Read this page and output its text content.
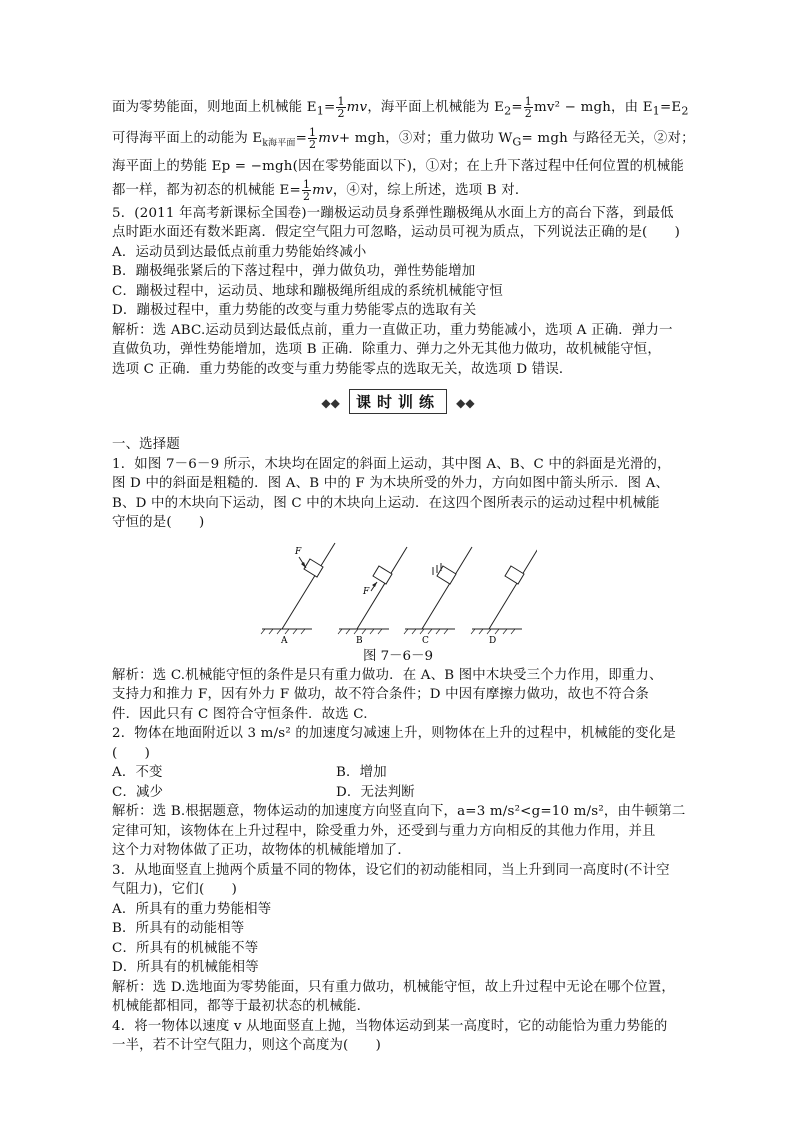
面为零势能面，则地面上机械能 $E_1= \frac{1}{2}$ mv，海平面上机械能为 $E_2= \frac{1}{2} mv^2$ − mgh，由 $E_1=E_2$
可得海平面上的动能为 $E_{k海平面}= \frac{1}{2} mv+$ mgh，③对；重力做功 $W_G=$ mgh 与路径无关，②对；
海平面上的势能 Ep = −mgh(因在零势能面以下)，①对；在上升下落过程中任何位置的机械能
都一样，都为初态的机械能 $E= \frac{1}{2}$ mv，④对，综上所述，选项 B 对．
5．(2011 年高考新课标全国卷)一蹦极运动员身系弹性蹦极绳从水面上方的高台下落，到最低
点时距水面还有数米距离．假定空气阻力可忽略，运动员可视为质点，下列说法正确的是(　　)
A．运动员到达最低点前重力势能始终减小
B．蹦极绳张紧后的下落过程中，弹力做负功，弹性势能增加
C．蹦极过程中，运动员、地球和蹦极绳所组成的系统机械能守恒
D．蹦极过程中，重力势能的改变与重力势能零点的选取有关
解析：选 ABC.运动员到达最低点前，重力一直做正功，重力势能减小，选项 A 正确．弹力一
直做负功，弹性势能增加，选项 B 正确．除重力、弹力之外无其他力做功，故机械能守恒，
选项 C 正确．重力势能的改变与重力势能零点的选取无关，故选项 D 错误．
◆◆ 课时训练 ◆◆
一、选择题
1．如图 7－6－9 所示，木块均在固定的斜面上运动，其中图 A、B、C 中的斜面是光滑的，
图 D 中的斜面是粗糙的．图 A、B 中的 F 为木块所受的外力，方向如图中箭头所示．图 A、
B、D 中的木块向下运动，图 C 中的木块向上运动．在这四个图所表示的运动过程中机械能
守恒的是(　　)
F
F
A	B	C	D
图 7－6－9
解析：选 C.机械能守恒的条件是只有重力做功．在 A、B 图中木块受三个力作用，即重力、
支持力和推力 F，因有外力 F 做功，故不符合条件；D 中因有摩擦力做功，故也不符合条
件．因此只有 C 图符合守恒条件．故选 C.
2．物体在地面附近以 3 m/s² 的加速度匀减速上升，则物体在上升的过程中，机械能的变化是
(　　)
A．不变	B．增加
C．减少	D．无法判断
解析：选 B.根据题意，物体运动的加速度方向竖直向下，a=3 m/s²<g=10 m/s²，由牛顿第二
定律可知，该物体在上升过程中，除受重力外，还受到与重力方向相反的其他力作用，并且
这个力对物体做了正功，故物体的机械能增加了．
3．从地面竖直上抛两个质量不同的物体，设它们的初动能相同，当上升到同一高度时(不计空
气阻力)，它们(　　)
A．所具有的重力势能相等
B．所具有的动能相等
C．所具有的机械能不等
D．所具有的机械能相等
解析：选 D.选地面为零势能面，只有重力做功，机械能守恒，故上升过程中无论在哪个位置，
机械能都相同，都等于最初状态的机械能．
4．将一物体以速度 v 从地面竖直上抛，当物体运动到某一高度时，它的动能恰为重力势能的
一半，若不计空气阻力，则这个高度为(　　)
